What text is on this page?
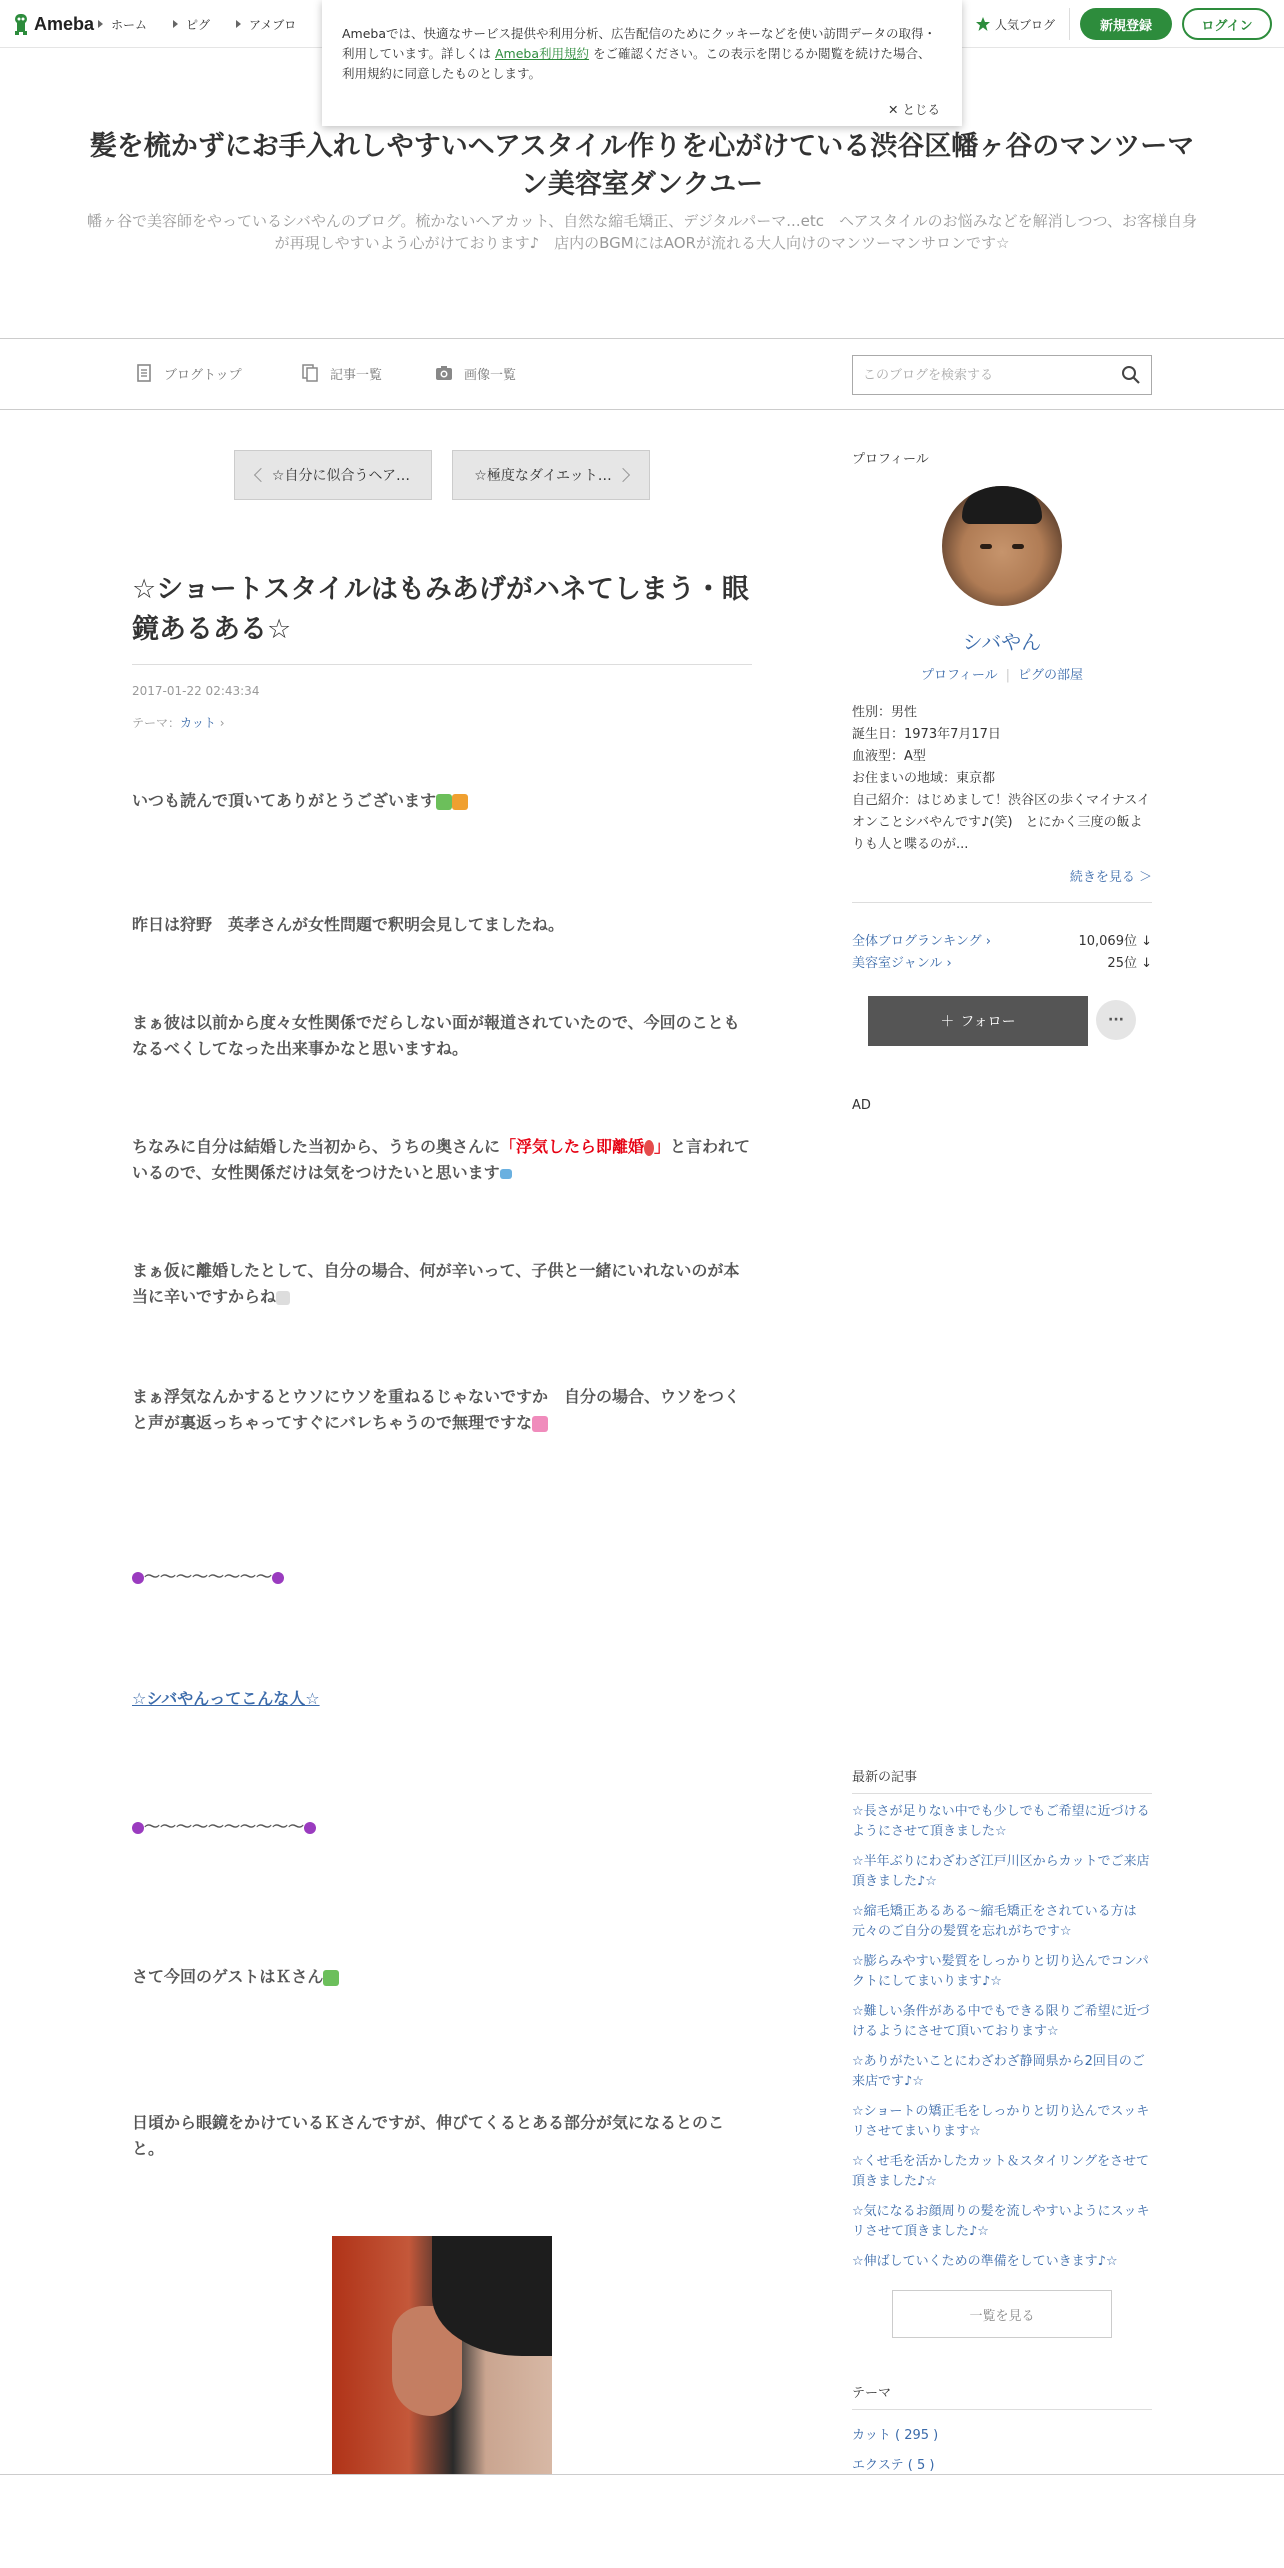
Ameba ホーム	ピグ	アメブロ	人気ブログ	新規登録	ログイン

Amebaでは、快適なサービス提供や利用分析、広告配信のためにクッキーなどを使い訪問データの取得・利用しています。詳しくは Ameba利用規約 をご確認ください。この表示を閉じるか閲覧を続けた場合、利用規約に同意したものとします。

✕ とじる
髪を梳かずにお手入れしやすいヘアスタイル作りを心がけている渋谷区幡ヶ谷のマンツーマン美容室ダンクユー

幡ヶ谷で美容師をやっているシバやんのブログ。梳かないヘアカット、自然な縮毛矯正、デジタルパーマ...etc　ヘアスタイルのお悩みなどを解消しつつ、お客様自身が再現しやすいよう心がけております♪　店内のBGMにはAORが流れる大人向けのマンツーマンサロンです☆

ブログトップ	記事一覧	画像一覧
このブログを検索する
☆自分に似合うヘア…	☆極度なダイエット…
☆ショートスタイルはもみあげがハネてしまう・眼鏡あるある☆
2017-01-22 02:43:34
テーマ：カット ›

いつも読んで頂いてありがとうございます

昨日は狩野　英孝さんが女性問題で釈明会見してましたね。

まぁ彼は以前から度々女性関係でだらしない面が報道されていたので、今回のこともなるべくしてなった出来事かなと思いますね。

ちなみに自分は結婚した当初から、うちの奥さんに「浮気したら即離婚 」と言われているので、女性関係だけは気をつけたいと思います

まぁ仮に離婚したとして、自分の場合、何が辛いって、子供と一緒にいれないのが本当に辛いですからね

まぁ浮気なんかするとウソにウソを重ねるじゃないですか　自分の場合、ウソをつくと声が裏返っちゃってすぐにバレちゃうので無理ですな

～～～～～～～～

☆シバやんってこんな人☆

～～～～～～～～～～

さて今回のゲストはＫさん

日頃から眼鏡をかけているＫさんですが、伸びてくるとある部分が気になるとのこと。

プロフィール
シバやん
プロフィール | ピグの部屋
性別：男性
誕生日：1973年7月17日
血液型：A型
お住まいの地域：東京都
自己紹介：はじめまして！渋谷区の歩くマイナスイオンことシバやんです♪(笑)　とにかく三度の飯よりも人と喋るのが...
続きを見る ＞
全体ブログランキング ›	10,069位 ↓
美容室ジャンル ›	25位 ↓
＋ フォロー	···
AD
最新の記事
☆長さが足りない中でも少しでもご希望に近づけるようにさせて頂きました☆
☆半年ぶりにわざわざ江戸川区からカットでご来店頂きました♪☆
☆縮毛矯正あるある〜縮毛矯正をされている方は元々のご自分の髪質を忘れがちです☆
☆膨らみやすい髪質をしっかりと切り込んでコンパクトにしてまいります♪☆
☆難しい条件がある中でもできる限りご希望に近づけるようにさせて頂いております☆
☆ありがたいことにわざわざ静岡県から2回目のご来店です♪☆
☆ショートの矯正毛をしっかりと切り込んでスッキリさせてまいります☆
☆くせ毛を活かしたカット＆スタイリングをさせて頂きました♪☆
☆気になるお顔周りの髪を流しやすいようにスッキリさせて頂きました♪☆
☆伸ばしていくための準備をしていきます♪☆
一覧を見る
テーマ
カット ( 295 )
エクステ ( 5 )
